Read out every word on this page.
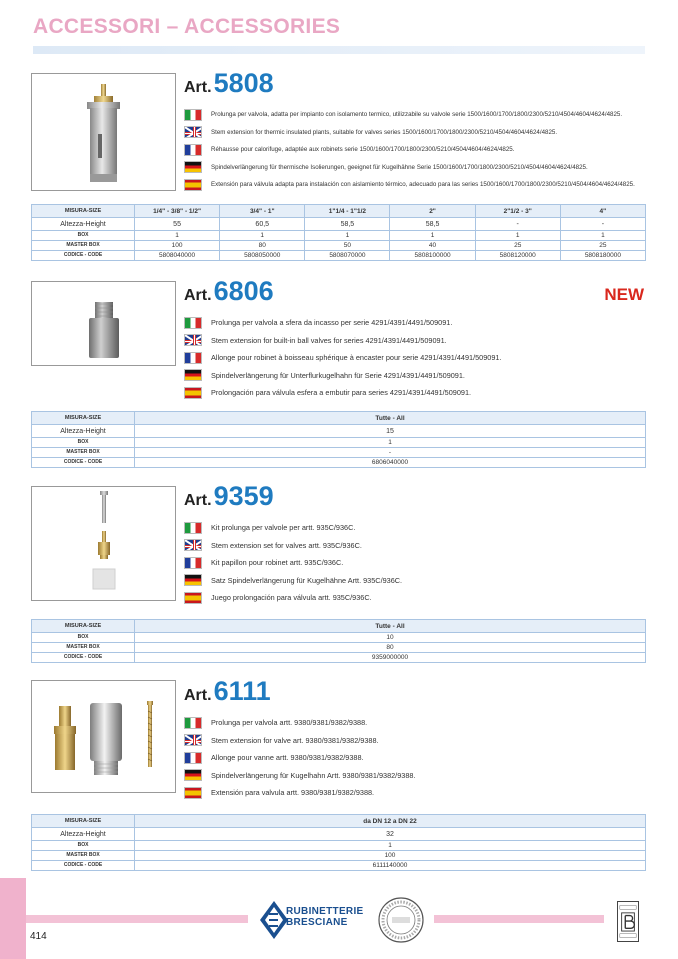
ACCESSORI – ACCESSORIES
Art.5808
Prolunga per valvola, adatta per impianto con isolamento termico, utilizzabile su valvole serie 1500/1600/1700/1800/2300/5210/4504/4604/4624/4825.
Stem extension for thermic insulated plants, suitable for valves series 1500/1600/1700/1800/2300/5210/4504/4604/4624/4825.
Réhausse pour calorifuge, adaptée aux robinets serie 1500/1600/1700/1800/2300/5210/4504/4604/4624/4825.
Spindelverlängerung für thermische Isolierungen, geeignet für Kugelhähne Serie 1500/1600/1700/1800/2300/5210/4504/4604/4624/4825.
Extensión para válvula adapta para instalación con aislamiento térmico, adecuado para las series 1500/1600/1700/1800/2300/5210/4504/4604/4624/4825.
MISURA-SIZE	1/4" - 3/8" - 1/2"	3/4" - 1"	1"1/4 - 1"1/2	2"	2"1/2 - 3"	4"
Altezza-Height	55	60,5	58,5	58,5	-	-
BOX	1	1	1	1	1	1
MASTER BOX	100	80	50	40	25	25
CODICE - CODE	5808040000	5808050000	5808070000	5808100000	5808120000	5808180000
Art.6806	NEW
Prolunga per valvola a sfera da incasso per serie 4291/4391/4491/509091.
Stem extension for built-in ball valves for series 4291/4391/4491/509091.
Allonge pour robinet à boisseau sphérique à encaster pour serie 4291/4391/4491/509091.
Spindelverlängerung für Unterflurkugelhahn für Serie 4291/4391/4491/509091.
Prolongación para válvula esfera a embutir para series 4291/4391/4491/509091.
MISURA-SIZE	Tutte - All
Altezza-Height	15
BOX	1
MASTER BOX	-
CODICE - CODE	6806040000
Art.9359
Kit prolunga per valvole per artt. 935C/936C.
Stem extension set for valves artt. 935C/936C.
Kit papillon pour robinet artt. 935C/936C.
Satz Spindelverlängerung für Kugelhähne Artt. 935C/936C.
Juego prolongación para válvula artt. 935C/936C.
MISURA-SIZE	Tutte - All
BOX	10
MASTER BOX	80
CODICE - CODE	9359000000
Art.6111
Prolunga per valvola artt. 9380/9381/9382/9388.
Stem extension for valve art. 9380/9381/9382/9388.
Allonge pour vanne artt. 9380/9381/9382/9388.
Spindelverlängerung für Kugelhahn Artt. 9380/9381/9382/9388.
Extensión para valvula artt. 9380/9381/9382/9388.
MISURA-SIZE	da DN 12 a DN 22
Altezza-Height	32
BOX	1
MASTER BOX	100
CODICE - CODE	6111140000
414
RUBINETTERIE
BRESCIANE
